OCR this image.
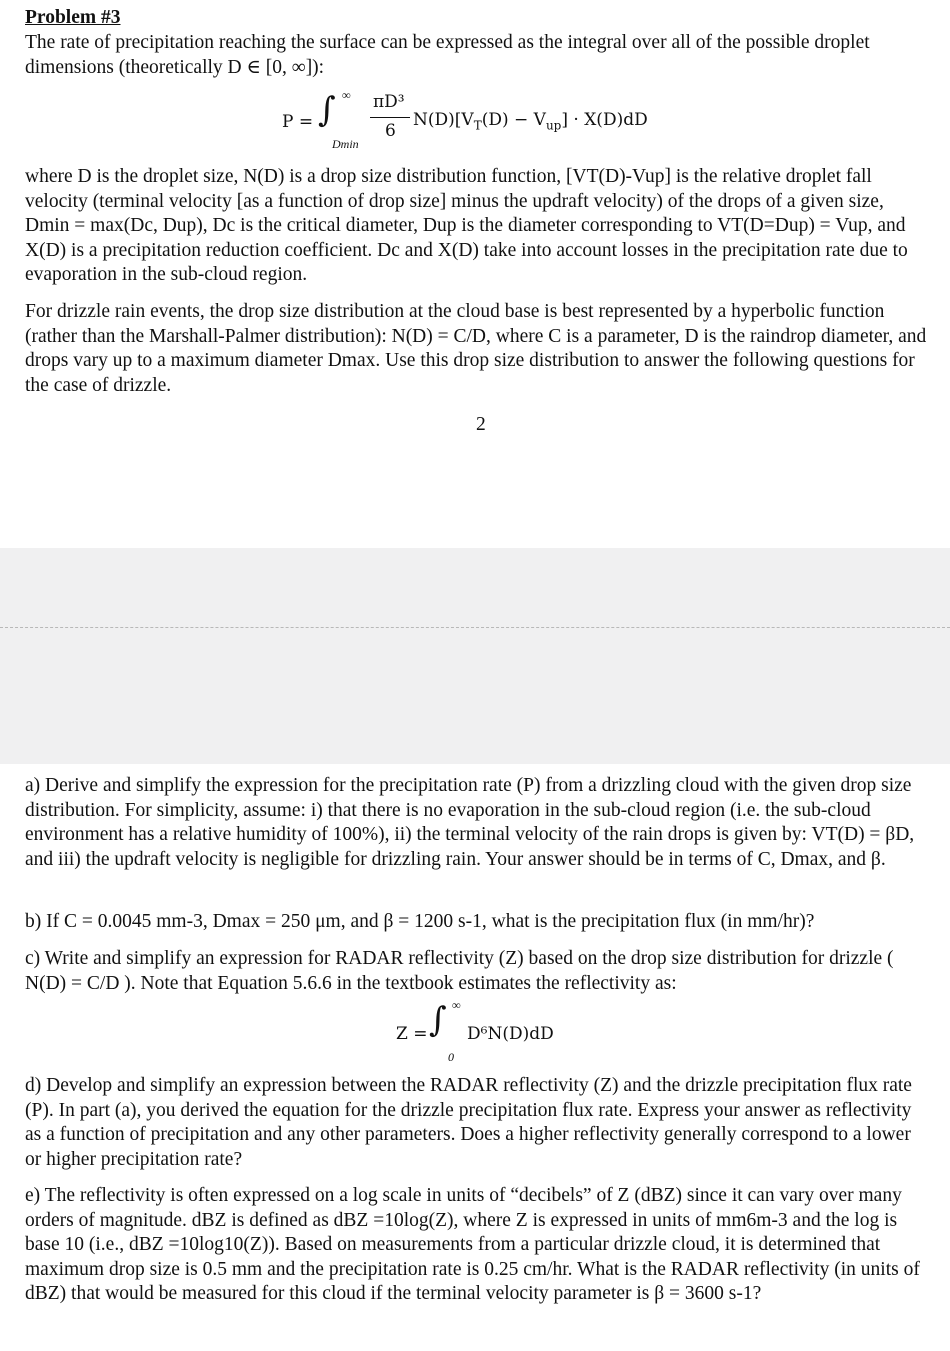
Problem #3

The rate of precipitation reaching the surface can be expressed as the integral over all of the possible droplet dimensions (theoretically D ∈ [0, ∞]):

P = ∫ ∞
Dmin
πD³
6
$N(D)[V_T(D) - V_{up}] \cdot X(D)dD$

where D is the droplet size, N(D) is a drop size distribution function, [VT(D)-Vup] is the relative droplet fall velocity (terminal velocity [as a function of drop size] minus the updraft velocity) of the drops of a given size, Dmin = max(Dc, Dup), Dc is the critical diameter, Dup is the diameter corresponding to VT(D=Dup) = Vup, and X(D) is a precipitation reduction coefficient. Dc and X(D) take into account losses in the precipitation rate due to evaporation in the sub-cloud region.

For drizzle rain events, the drop size distribution at the cloud base is best represented by a hyperbolic function (rather than the Marshall-Palmer distribution): N(D) = C/D, where C is a parameter, D is the raindrop diameter, and drops vary up to a maximum diameter Dmax. Use this drop size distribution to answer the following questions for the case of drizzle.

2

a) Derive and simplify the expression for the precipitation rate (P) from a drizzling cloud with the given drop size distribution. For simplicity, assume: i) that there is no evaporation in the sub-cloud region (i.e. the sub-cloud environment has a relative humidity of 100%), ii) the terminal velocity of the rain drops is given by: VT(D) = βD, and iii) the updraft velocity is negligible for drizzling rain. Your answer should be in terms of C, Dmax, and β.

b) If C = 0.0045 mm-3, Dmax = 250 μm, and β = 1200 s-1, what is the precipitation flux (in mm/hr)?

c) Write and simplify an expression for RADAR reflectivity (Z) based on the drop size distribution for drizzle ( N(D) = C/D ). Note that Equation 5.6.6 in the textbook estimates the reflectivity as:

Z = ∫ ∞
0
D⁶N(D)dD

d) Develop and simplify an expression between the RADAR reflectivity (Z) and the drizzle precipitation flux rate (P). In part (a), you derived the equation for the drizzle precipitation flux rate. Express your answer as reflectivity as a function of precipitation and any other parameters. Does a higher reflectivity generally correspond to a lower or higher precipitation rate?

e) The reflectivity is often expressed on a log scale in units of “decibels” of Z (dBZ) since it can vary over many orders of magnitude. dBZ is defined as dBZ =10log(Z), where Z is expressed in units of mm6m-3 and the log is base 10 (i.e., dBZ =10log10(Z)). Based on measurements from a particular drizzle cloud, it is determined that maximum drop size is 0.5 mm and the precipitation rate is 0.25 cm/hr. What is the RADAR reflectivity (in units of dBZ) that would be measured for this cloud if the terminal velocity parameter is β = 3600 s-1?
